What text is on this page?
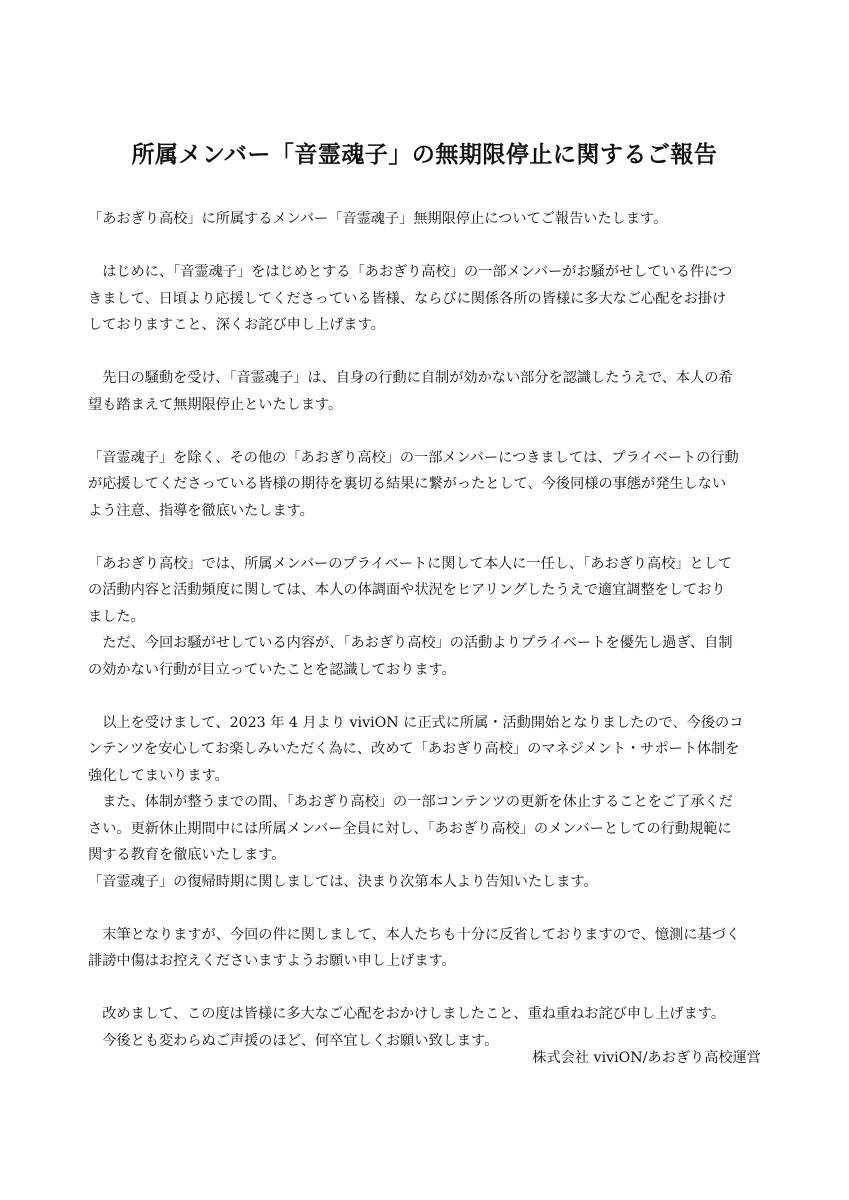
所属メンバー「音霊魂子」の無期限停止に関するご報告
「あおぎり高校」に所属するメンバー「音霊魂子」無期限停止についてご報告いたします。
　はじめに、「音霊魂子」をはじめとする「あおぎり高校」の一部メンバーがお騒がせしている件につ
きまして、日頃より応援してくださっている皆様、ならびに関係各所の皆様に多大なご心配をお掛け
しておりますこと、深くお詫び申し上げます。
　先日の騒動を受け、「音霊魂子」は、自身の行動に自制が効かない部分を認識したうえで、本人の希
望も踏まえて無期限停止といたします。
「音霊魂子」を除く、その他の「あおぎり高校」の一部メンバーにつきましては、プライベートの行動
が応援してくださっている皆様の期待を裏切る結果に繋がったとして、今後同様の事態が発生しない
よう注意、指導を徹底いたします。
「あおぎり高校」では、所属メンバーのプライベートに関して本人に一任し、「あおぎり高校」として
の活動内容と活動頻度に関しては、本人の体調面や状況をヒアリングしたうえで適宜調整をしており
ました。
　ただ、今回お騒がせしている内容が、「あおぎり高校」の活動よりプライベートを優先し過ぎ、自制
の効かない行動が目立っていたことを認識しております。
　以上を受けまして、2023 年 4 月より viviON に正式に所属・活動開始となりましたので、今後のコ
ンテンツを安心してお楽しみいただく為に、改めて「あおぎり高校」のマネジメント・サポート体制を
強化してまいります。
　また、体制が整うまでの間、「あおぎり高校」の一部コンテンツの更新を休止することをご了承くだ
さい。更新休止期間中には所属メンバー全員に対し、「あおぎり高校」のメンバーとしての行動規範に
関する教育を徹底いたします。
「音霊魂子」の復帰時期に関しましては、決まり次第本人より告知いたします。
　末筆となりますが、今回の件に関しまして、本人たちも十分に反省しておりますので、憶測に基づく
誹謗中傷はお控えくださいますようお願い申し上げます。
　改めまして、この度は皆様に多大なご心配をおかけしましたこと、重ね重ねお詫び申し上げます。
　今後とも変わらぬご声援のほど、何卒宜しくお願い致します。
株式会社 viviON/あおぎり高校運営
